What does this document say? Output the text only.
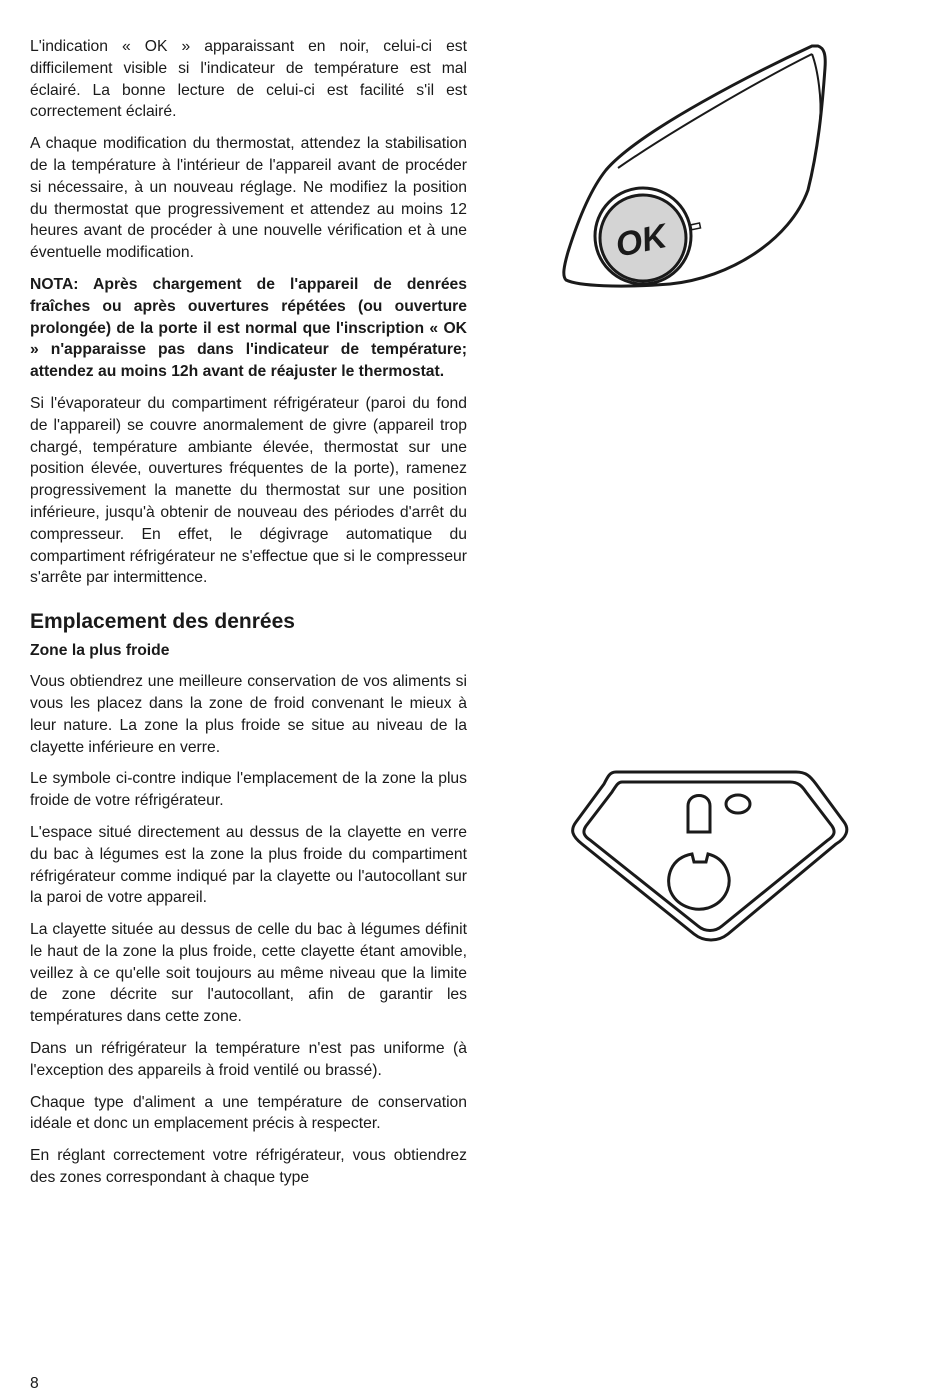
L'indication « OK » apparaissant en noir, celui-ci est difficilement visible si l'indicateur de température est mal éclairé. La bonne lecture de celui-ci est facilité s'il est correctement éclairé.

A chaque modification du thermostat, attendez la stabilisation de la température à l'intérieur de l'appareil avant de procéder si nécessaire, à un nouveau réglage. Ne modifiez la position du thermostat que progressivement et attendez au moins 12 heures avant de procéder à une nouvelle vérification et à une éventuelle modification.

NOTA: Après chargement de l'appareil de denrées fraîches ou après ouvertures répétées (ou ouverture prolongée) de la porte il est normal que l'inscription « OK » n'apparaisse pas dans l'indicateur de température; attendez au moins 12h avant de réajuster le thermostat.

Si l'évaporateur du compartiment réfrigérateur (paroi du fond de l'appareil) se couvre anormalement de givre (appareil trop chargé, température ambiante élevée, thermostat sur une position élevée, ouvertures fréquentes de la porte), ramenez progressivement la manette du thermostat sur une position inférieure, jusqu'à obtenir de nouveau des périodes d'arrêt du compresseur. En effet, le dégivrage automatique du compartiment réfrigérateur ne s'effectue que si le compresseur s'arrête par intermittence.

Emplacement des denrées
Zone la plus froide

Vous obtiendrez une meilleure conservation de vos aliments si vous les placez dans la zone de froid convenant le mieux à leur nature. La zone la plus froide se situe au niveau de la clayette inférieure en verre.

Le symbole ci-contre indique l'emplacement de la zone la plus froide de votre réfrigérateur.

L'espace situé directement au dessus de la clayette en verre du bac à légumes est la zone la plus froide du compartiment réfrigérateur comme indiqué par la clayette ou l'autocollant sur la paroi de votre appareil.

La clayette située au dessus de celle du bac à légumes définit le haut de la zone la plus froide, cette clayette étant amovible, veillez à ce qu'elle soit toujours au même niveau que la limite de zone décrite sur l'autocollant, afin de garantir les températures dans cette zone.

Dans un réfrigérateur la température n'est pas uniforme (à l'exception des appareils à froid ventilé ou brassé).

Chaque type d'aliment a une température de conservation idéale et donc un emplacement précis à respecter.

En réglant correctement votre réfrigérateur, vous obtiendrez des zones correspondant à chaque type

OK
8
